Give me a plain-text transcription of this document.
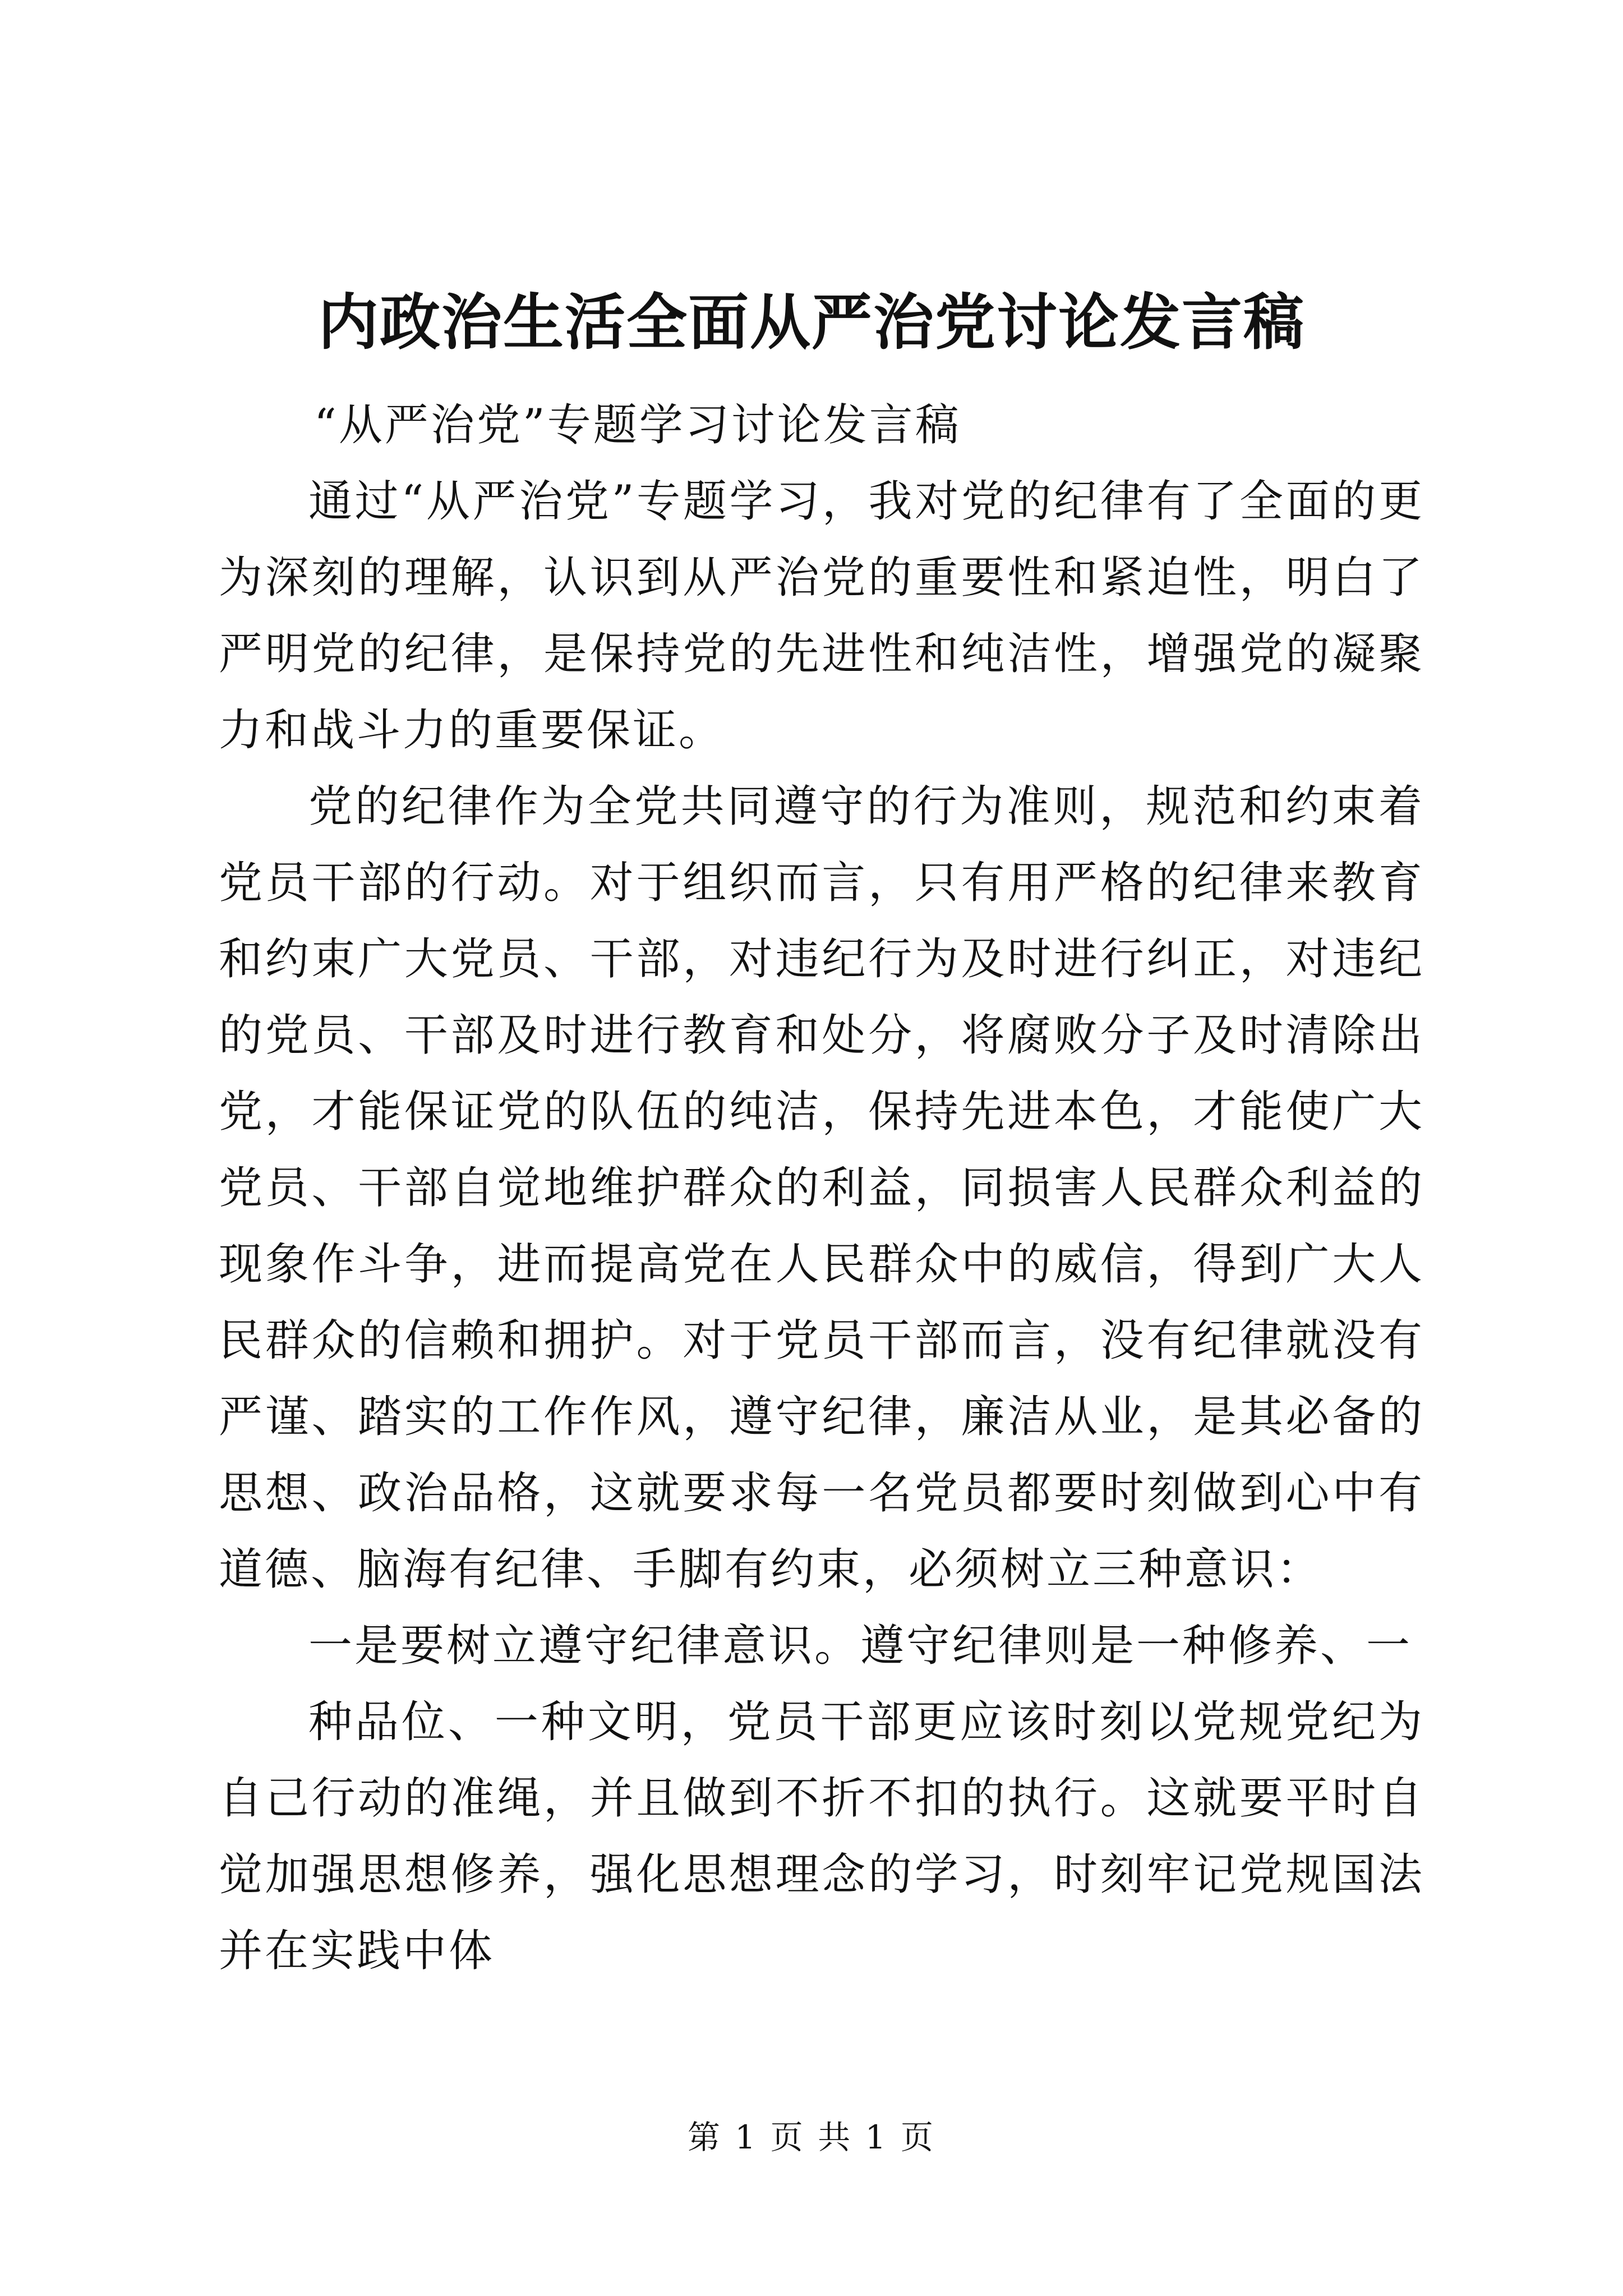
内政治生活全面从严治党讨论发言稿

“从严治党”专题学习讨论发言稿

通过“从严治党”专题学习，我对党的纪律有了全面的更为深刻的理解，认识到从严治党的重要性和紧迫性，明白了严明党的纪律，是保持党的先进性和纯洁性，增强党的凝聚力和战斗力的重要保证。

党的纪律作为全党共同遵守的行为准则，规范和约束着党员干部的行动。对于组织而言，只有用严格的纪律来教育和约束广大党员、干部，对违纪行为及时进行纠正，对违纪的党员、干部及时进行教育和处分，将腐败分子及时清除出党，才能保证党的队伍的纯洁，保持先进本色，才能使广大党员、干部自觉地维护群众的利益，同损害人民群众利益的现象作斗争，进而提高党在人民群众中的威信，得到广大人民群众的信赖和拥护。对于党员干部而言，没有纪律就没有严谨、踏实的工作作风，遵守纪律，廉洁从业，是其必备的思想、政治品格，这就要求每一名党员都要时刻做到心中有道德、脑海有纪律、手脚有约束，必须树立三种意识：

一是要树立遵守纪律意识。遵守纪律则是一种修养、一

种品位、一种文明，党员干部更应该时刻以党规党纪为自己行动的准绳，并且做到不折不扣的执行。这就要平时自觉加强思想修养，强化思想理念的学习，时刻牢记党规国法并在实践中体

第 1 页 共 1 页
